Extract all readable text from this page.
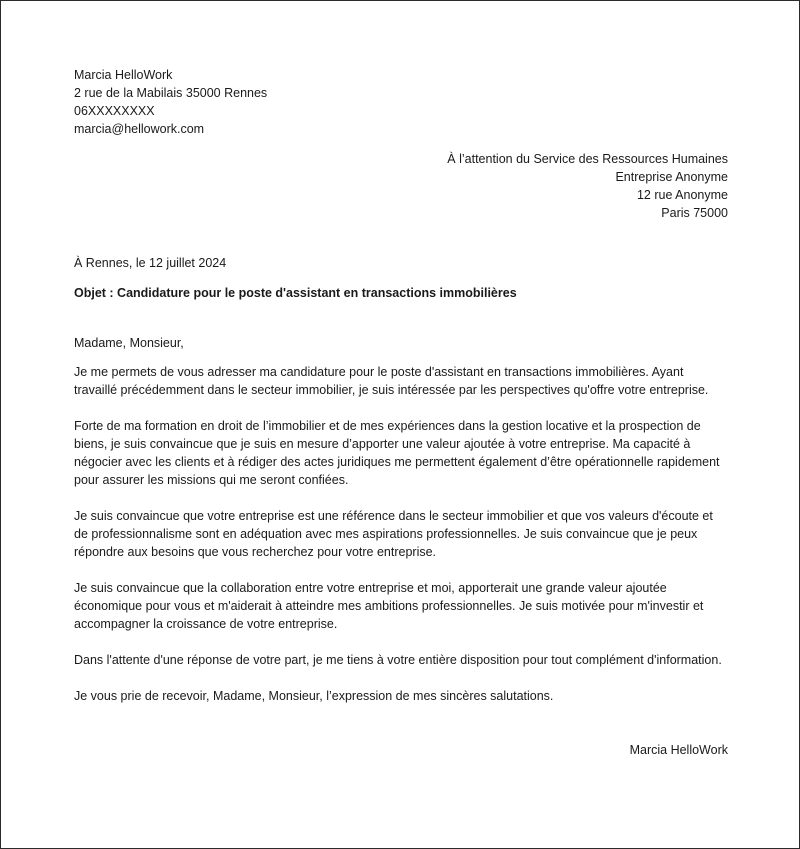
Marcia HelloWork
2 rue de la Mabilais 35000 Rennes
06XXXXXXXX
marcia@hellowork.com
À l’attention du Service des Ressources Humaines
Entreprise Anonyme
12 rue Anonyme
Paris 75000
À Rennes, le 12 juillet 2024
Objet : Candidature pour le poste d'assistant en transactions immobilières
Madame, Monsieur,

Je me permets de vous adresser ma candidature pour le poste d'assistant en transactions immobilières. Ayant travaillé précédemment dans le secteur immobilier, je suis intéressée par les perspectives qu'offre votre entreprise.

Forte de ma formation en droit de l’immobilier et de mes expériences dans la gestion locative et la prospection de biens, je suis convaincue que je suis en mesure d’apporter une valeur ajoutée à votre entreprise. Ma capacité à négocier avec les clients et à rédiger des actes juridiques me permettent également d’être opérationnelle rapidement pour assurer les missions qui me seront confiées.

Je suis convaincue que votre entreprise est une référence dans le secteur immobilier et que vos valeurs d'écoute et de professionnalisme sont en adéquation avec mes aspirations professionnelles. Je suis convaincue que je peux répondre aux besoins que vous recherchez pour votre entreprise.

Je suis convaincue que la collaboration entre votre entreprise et moi, apporterait une grande valeur ajoutée économique pour vous et m'aiderait à atteindre mes ambitions professionnelles. Je suis motivée pour m'investir et accompagner la croissance de votre entreprise.

Dans l'attente d'une réponse de votre part, je me tiens à votre entière disposition pour tout complément d'information.

Je vous prie de recevoir, Madame, Monsieur, l’expression de mes sincères salutations.

Marcia HelloWork
